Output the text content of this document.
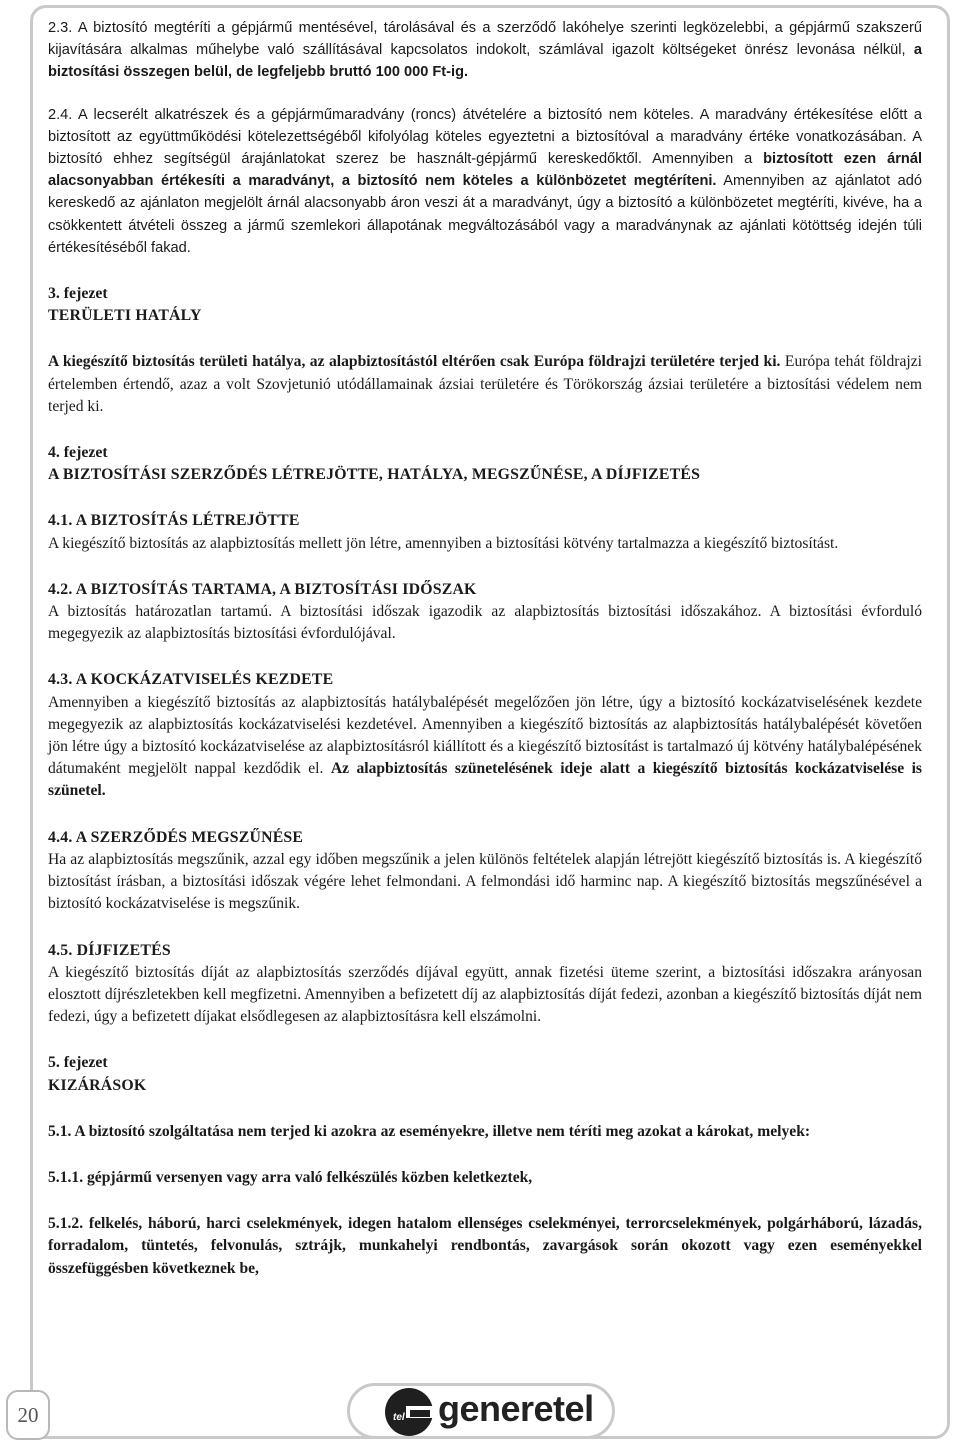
2.3. A biztosító megtéríti a gépjármű mentésével, tárolásával és a szerződő lakóhelye szerinti legközelebbi, a gépjármű szakszerű kijavítására alkalmas műhelybe való szállításával kapcsolatos indokolt, számlával igazolt költségeket önrész levonása nélkül, a biztosítási összegen belül, de legfeljebb bruttó 100 000 Ft-ig.

2.4. A lecserélt alkatrészek és a gépjárműmaradvány (roncs) átvételére a biztosító nem köteles. A maradvány értékesítése előtt a biztosított az együttműködési kötelezettségéből kifolyólag köteles egyeztetni a biztosítóval a maradvány értéke vonatkozásában. A biztosító ehhez segítségül árajánlatokat szerez be használt-gépjármű kereskedőktől. Amennyiben a biztosított ezen árnál alacsonyabban értékesíti a maradványt, a biztosító nem köteles a különbözetet megtéríteni. Amennyiben az ajánlatot adó kereskedő az ajánlaton megjelölt árnál alacsonyabb áron veszi át a maradványt, úgy a biztosító a különbözetet megtéríti, kivéve, ha a csökkentett átvételi összeg a jármű szemlekori állapotának megváltozásából vagy a maradványnak az ajánlati kötöttség idején túli értékesítéséből fakad.

3. fejezet
TERÜLETI HATÁLY

A kiegészítő biztosítás területi hatálya, az alapbiztosítástól eltérően csak Európa földrajzi területére terjed ki. Európa tehát földrajzi értelemben értendő, azaz a volt Szovjetunió utódállamainak ázsiai területére és Törökország ázsiai területére a biztosítási védelem nem terjed ki.

4. fejezet
A BIZTOSÍTÁSI SZERZŐDÉS LÉTREJÖTTE, HATÁLYA, MEGSZŰNÉSE, A DÍJFIZETÉS
4.1. A BIZTOSÍTÁS LÉTREJÖTTE

A kiegészítő biztosítás az alapbiztosítás mellett jön létre, amennyiben a biztosítási kötvény tartalmazza a kiegészítő biztosítást.

4.2. A BIZTOSÍTÁS TARTAMA, A BIZTOSÍTÁSI IDŐSZAK

A biztosítás határozatlan tartamú. A biztosítási időszak igazodik az alapbiztosítás biztosítási időszakához. A biztosítási évforduló megegyezik az alapbiztosítás biztosítási évfordulójával.

4.3. A KOCKÁZATVISELÉS KEZDETE

Amennyiben a kiegészítő biztosítás az alapbiztosítás hatálybalépését megelőzően jön létre, úgy a biztosító kockázatviselésének kezdete megegyezik az alapbiztosítás kockázatviselési kezdetével. Amennyiben a kiegészítő biztosítás az alapbiztosítás hatálybalépését követően jön létre úgy a biztosító kockázatviselése az alapbiztosításról kiállított és a kiegészítő biztosítást is tartalmazó új kötvény hatálybalépésének dátumaként megjelölt nappal kezdődik el. Az alapbiztosítás szünetelésének ideje alatt a kiegészítő biztosítás kockázatviselése is szünetel.

4.4. A SZERZŐDÉS MEGSZŰNÉSE

Ha az alapbiztosítás megszűnik, azzal egy időben megszűnik a jelen különös feltételek alapján létrejött kiegészítő biztosítás is. A kiegészítő biztosítást írásban, a biztosítási időszak végére lehet felmondani. A felmondási idő harminc nap. A kiegészítő biztosítás megszűnésével a biztosító kockázatviselése is megszűnik.

4.5. DÍJFIZETÉS

A kiegészítő biztosítás díját az alapbiztosítás szerződés díjával együtt, annak fizetési üteme szerint, a biztosítási időszakra arányosan elosztott díjrészletekben kell megfizetni. Amennyiben a befizetett díj az alapbiztosítás díját fedezi, azonban a kiegészítő biztosítás díját nem fedezi, úgy a befizetett díjakat elsődlegesen az alapbiztosításra kell elszámolni.

5. fejezet
KIZÁRÁSOK

5.1. A biztosító szolgáltatása nem terjed ki azokra az eseményekre, illetve nem téríti meg azokat a károkat, melyek:

5.1.1. gépjármű versenyen vagy arra való felkészülés közben keletkeztek,

5.1.2. felkelés, háború, harci cselekmények, idegen hatalom ellenséges cselekményei, terrorcselekmények, polgárháború, lázadás, forradalom, tüntetés, felvonulás, sztrájk, munkahelyi rendbontás, zavargások során okozott vagy ezen eseményekkel összefüggésben következnek be,

20	tel generetel
